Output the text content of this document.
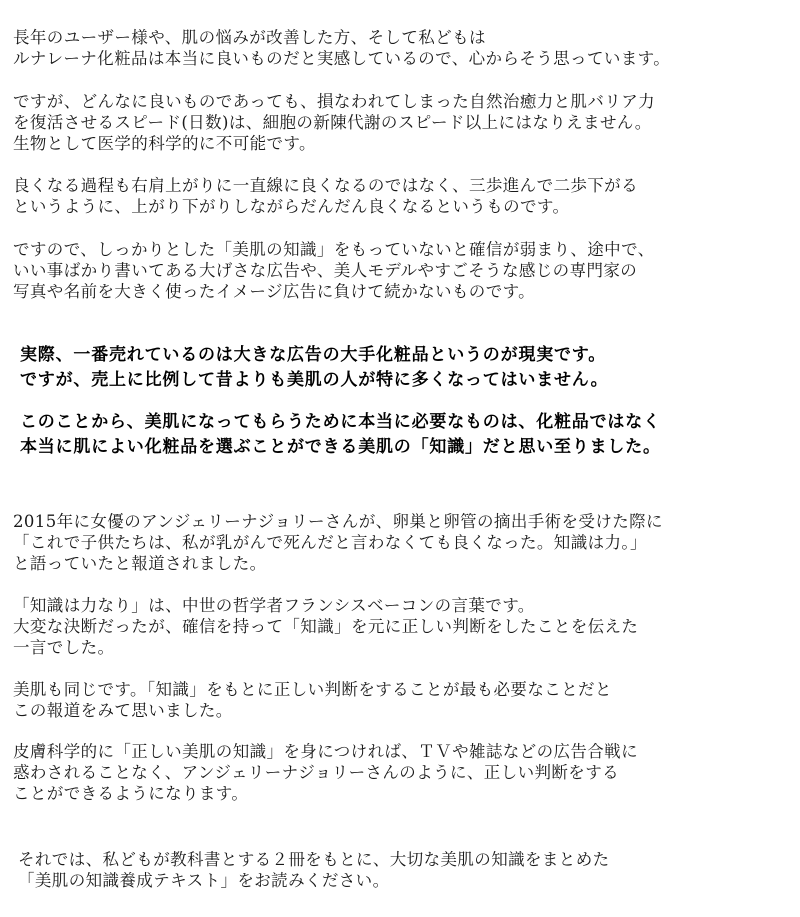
長年のユーザー様や、肌の悩みが改善した方、そして私どもは
ルナレーナ化粧品は本当に良いものだと実感しているので、心からそう思っています。

ですが、どんなに良いものであっても、損なわれてしまった自然治癒力と肌バリア力
を復活させるスピード(日数)は、細胞の新陳代謝のスピード以上にはなりえません。
生物として医学的科学的に不可能です。

良くなる過程も右肩上がりに一直線に良くなるのではなく、三歩進んで二歩下がる
というように、上がり下がりしながらだんだん良くなるというものです。

ですので、しっかりとした「美肌の知識」をもっていないと確信が弱まり、途中で、
いい事ばかり書いてある大げさな広告や、美人モデルやすごそうな感じの専門家の
写真や名前を大きく使ったイメージ広告に負けて続かないものです。

実際、一番売れているのは大きな広告の大手化粧品というのが現実です。
ですが、売上に比例して昔よりも美肌の人が特に多くなってはいません。

このことから、美肌になってもらうために本当に必要なものは、化粧品ではなく
本当に肌によい化粧品を選ぶことができる美肌の「知識」だと思い至りました。

2015年に女優のアンジェリーナジョリーさんが、卵巣と卵管の摘出手術を受けた際に
「これで子供たちは、私が乳がんで死んだと言わなくても良くなった。知識は力。」
と語っていたと報道されました。

「知識は力なり」は、中世の哲学者フランシスベーコンの言葉です。
大変な決断だったが、確信を持って「知識」を元に正しい判断をしたことを伝えた
一言でした。

美肌も同じです。「知識」をもとに正しい判断をすることが最も必要なことだと
この報道をみて思いました。

皮膚科学的に「正しい美肌の知識」を身につければ、ＴＶや雑誌などの広告合戦に
惑わされることなく、アンジェリーナジョリーさんのように、正しい判断をする
ことができるようになります。

それでは、私どもが教科書とする２冊をもとに、大切な美肌の知識をまとめた
「美肌の知識養成テキスト」をお読みください。
